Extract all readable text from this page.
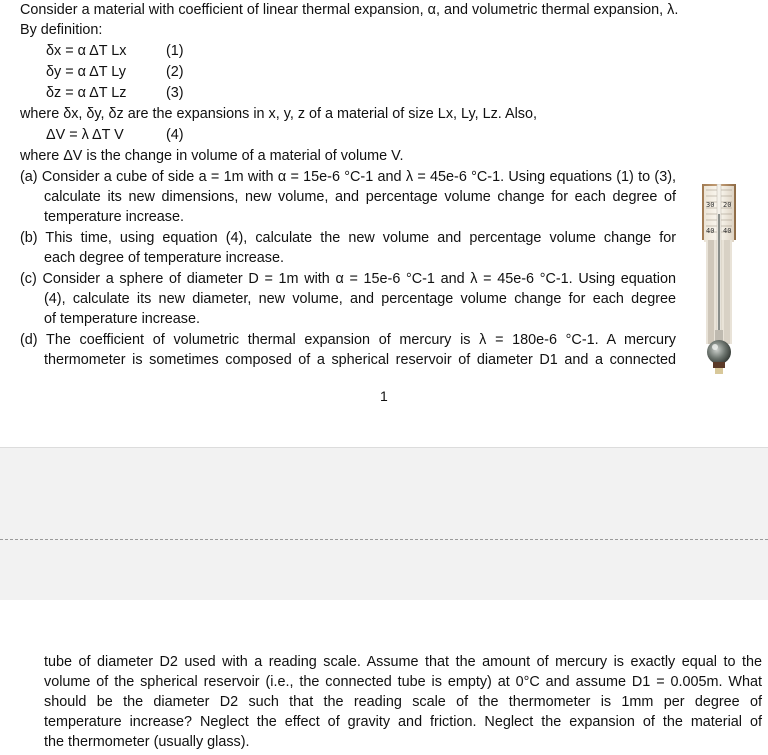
Consider a material with coefficient of linear thermal expansion, α, and volumetric thermal expansion, λ.
By definition:
δx = α ΔT Lx	(1)
δy = α ΔT Ly	(2)
δz = α ΔT Lz	(3)
where δx, δy, δz are the expansions in x, y, z of a material of size Lx, Ly, Lz. Also,
ΔV = λ ΔT V	(4)
where ΔV is the change in volume of a material of volume V.
(a) Consider a cube of side a = 1m with α = 15e-6 °C-1 and λ = 45e-6 °C-1. Using equations (1) to (3),
calculate its new dimensions, new volume, and percentage volume change for each degree of
temperature increase.
(b) This time, using equation (4), calculate the new volume and percentage volume change for
each degree of temperature increase.
(c) Consider a sphere of diameter D = 1m with α = 15e-6 °C-1 and λ = 45e-6 °C-1. Using equation
(4), calculate its new diameter, new volume, and percentage volume change for each degree
of temperature increase.
(d) The coefficient of volumetric thermal expansion of mercury is λ = 180e-6 °C-1. A mercury
thermometer is sometimes composed of a spherical reservoir of diameter D1 and a connected
1
30 20
40 40
tube of diameter D2 used with a reading scale. Assume that the amount of mercury is exactly equal to the
volume of the spherical reservoir (i.e., the connected tube is empty) at 0°C and assume D1 = 0.005m. What
should be the diameter D2 such that the reading scale of the thermometer is 1mm per degree of
temperature increase? Neglect the effect of gravity and friction. Neglect the expansion of the material of
the thermometer (usually glass).
